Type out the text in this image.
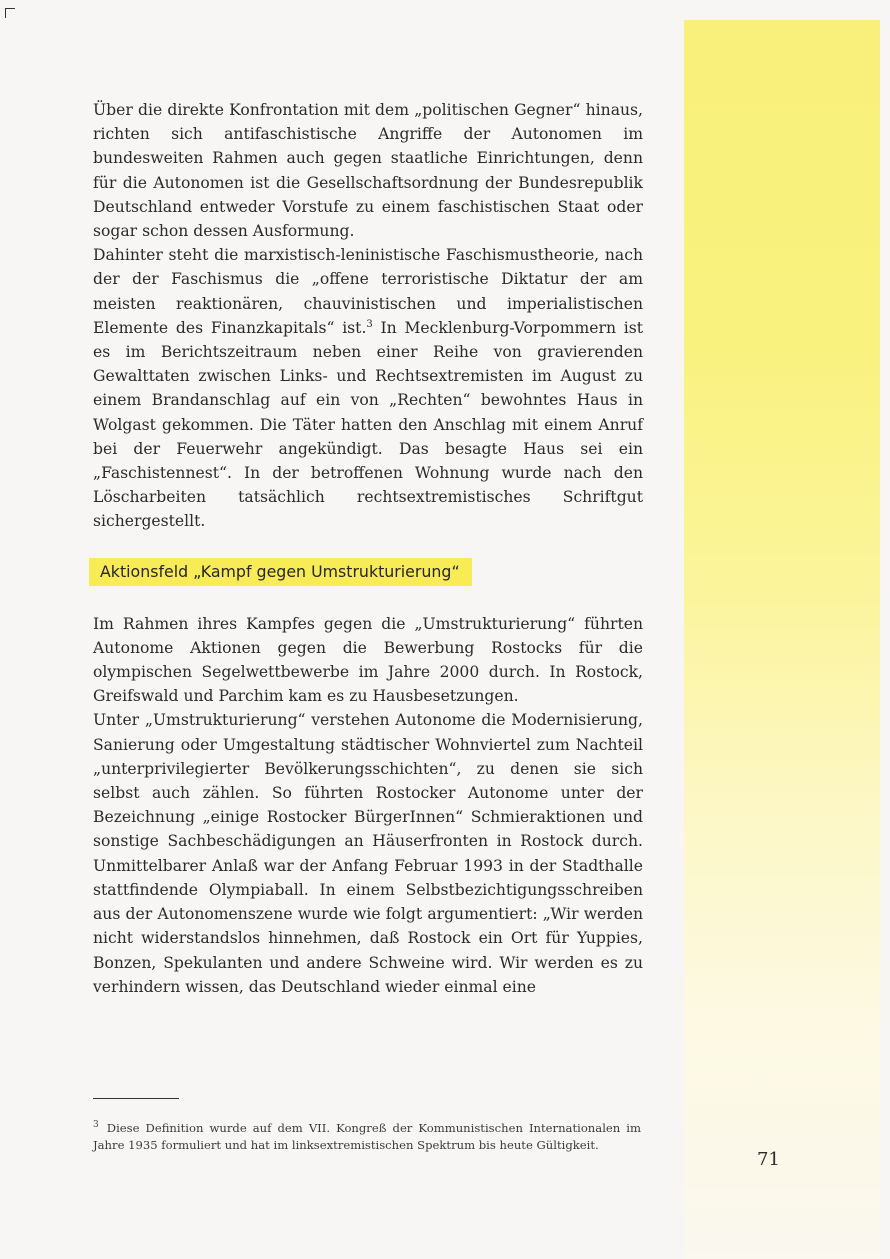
Über die direkte Konfrontation mit dem „politischen Gegner“ hinaus, richten sich antifaschistische Angriffe der Autonomen im bundesweiten Rahmen auch gegen staatliche Einrichtungen, denn für die Autonomen ist die Gesellschaftsordnung der Bundesrepublik Deutschland entweder Vorstufe zu einem faschistischen Staat oder sogar schon dessen Ausformung.

Dahinter steht die marxistisch-leninistische Faschismustheorie, nach der der Faschismus die „offene terroristische Diktatur der am meisten reaktionären, chauvinistischen und imperialistischen Elemente des Finanzkapitals“ ist.$^3$ In Mecklenburg-Vorpommern ist es im Berichtszeitraum neben einer Reihe von gravierenden Gewalttaten zwischen Links- und Rechtsextremisten im August zu einem Brandanschlag auf ein von „Rechten“ bewohntes Haus in Wolgast gekommen. Die Täter hatten den Anschlag mit einem Anruf bei der Feuerwehr angekündigt. Das besagte Haus sei ein „Faschistennest“. In der betroffenen Wohnung wurde nach den Löscharbeiten tatsächlich rechtsextremistisches Schriftgut sichergestellt.

Aktionsfeld „Kampf gegen Umstrukturierung“

Im Rahmen ihres Kampfes gegen die „Umstrukturierung“ führten Autonome Aktionen gegen die Bewerbung Rostocks für die olympischen Segelwettbewerbe im Jahre 2000 durch. In Rostock, Greifswald und Parchim kam es zu Hausbesetzungen.

Unter „Umstrukturierung“ verstehen Autonome die Modernisierung, Sanierung oder Umgestaltung städtischer Wohnviertel zum Nachteil „unterprivilegierter Bevölkerungsschichten“, zu denen sie sich selbst auch zählen. So führten Rostocker Autonome unter der Bezeichnung „einige Rostocker BürgerInnen“ Schmieraktionen und sonstige Sachbeschädigungen an Häuserfronten in Rostock durch. Unmittelbarer Anlaß war der Anfang Februar 1993 in der Stadthalle stattfindende Olympiaball. In einem Selbstbezichtigungsschreiben aus der Autonomenszene wurde wie folgt argumentiert: „Wir werden nicht widerstandslos hinnehmen, daß Rostock ein Ort für Yuppies, Bonzen, Spekulanten und andere Schweine wird. Wir werden es zu verhindern wissen, das Deutschland wieder einmal eine

$^3$ Diese Definition wurde auf dem VII. Kongreß der Kommunistischen Internationalen im Jahre 1935 formuliert und hat im linksextremistischen Spektrum bis heute Gültigkeit.
71
